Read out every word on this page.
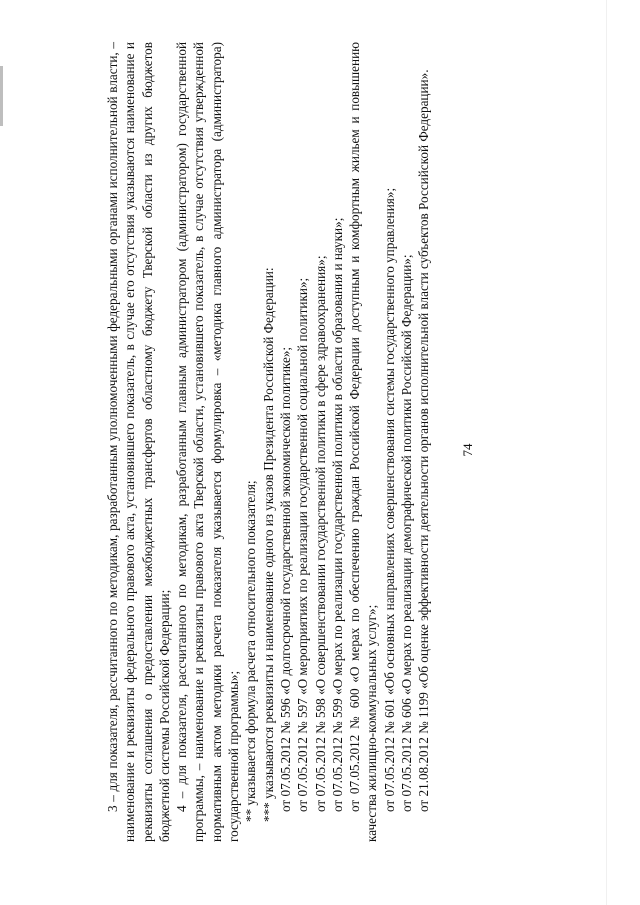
74

3 – для показателя, рассчитанного по методикам, разработанным уполномоченными федеральными органами исполнительной власти, – наименование и реквизиты федерального правового акта, установившего показатель, в случае его отсутствия указываются наименование и реквизиты соглашения о предоставлении межбюджетных трансфертов областному бюджету Тверской области из других бюджетов бюджетной системы Российской Федерации; 4 – для показателя, рассчитанного по методикам, разработанным главным администратором (администратором) государственной программы, – наименование и реквизиты правового акта Тверской области, установившего показатель, в случае отсутствия утвержденной нормативным актом методики расчета показателя указывается формулировка – «методика главного администратора (администратора) государственной программы»; ** указывается формула расчета относительного показателя; *** указываются реквизиты и наименование одного из указов Президента Российской Федерации: от 07.05.2012 № 596 «О долгосрочной государственной экономической политике»; от 07.05.2012 № 597 «О мероприятиях по реализации государственной социальной политики»; от 07.05.2012 № 598 «О совершенствовании государственной политики в сфере здравоохранения»; от 07.05.2012 № 599 «О мерах по реализации государственной политики в области образования и науки»; от 07.05.2012 № 600 «О мерах по обеспечению граждан Российской Федерации доступным и комфортным жильем и повышению качества жилищно-коммунальных услуг»; от 07.05.2012 № 601 «Об основных направлениях совершенствования системы государственного управления»; от 07.05.2012 № 606 «О мерах по реализации демографической политики Российской Федерации»; от 21.08.2012 № 1199 «Об оценке эффективности деятельности органов исполнительной власти субъектов Российской Федерации».
